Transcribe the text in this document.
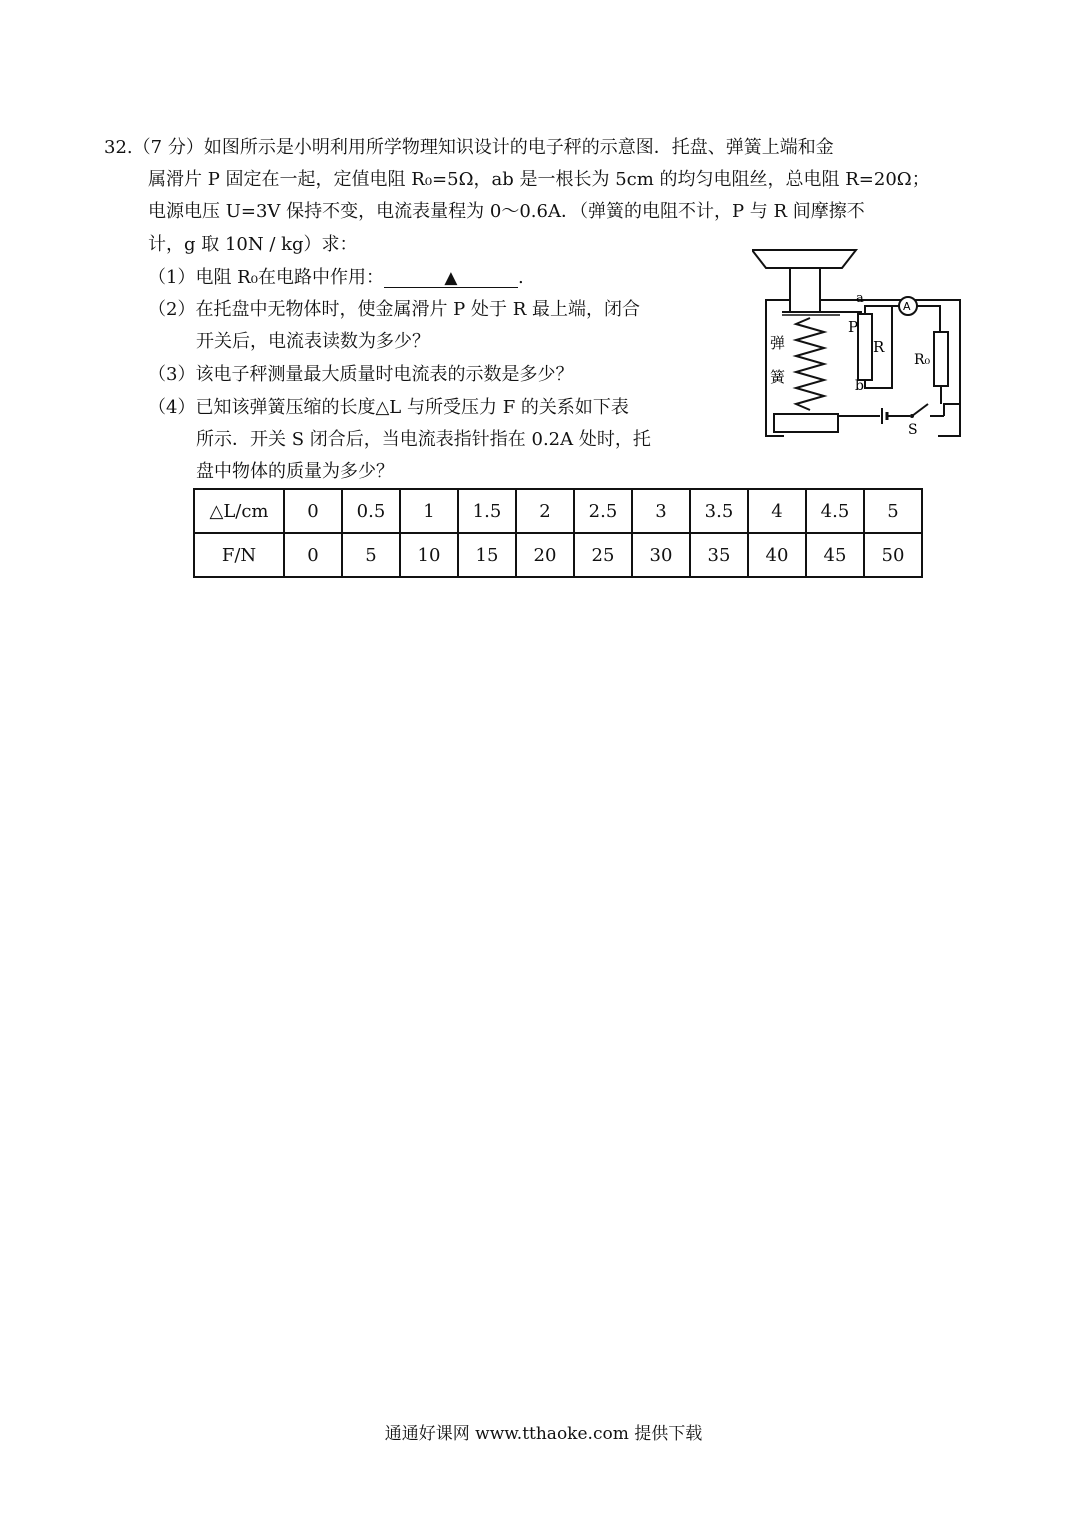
32.（7 分）如图所示是小明利用所学物理知识设计的电子秤的示意图．托盘、弹簧上端和金
属滑片 P 固定在一起，定值电阻 R₀=5Ω，ab 是一根长为 5cm 的均匀电阻丝，总电阻 R=20Ω；
电源电压 U=3V 保持不变，电流表量程为 0～0.6A．（弹簧的电阻不计，P 与 R 间摩擦不
计，g 取 10N / kg）求：
（1）电阻 R₀在电路中作用：	▲	.
（2）在托盘中无物体时，使金属滑片 P 处于 R 最上端，闭合
开关后，电流表读数为多少？
（3）该电子秤测量最大质量时电流表的示数是多少？
（4）已知该弹簧压缩的长度△L 与所受压力 F 的关系如下表
所示．开关 S 闭合后，当电流表指针指在 0.2A 处时，托
盘中物体的质量为多少？
弹
簧
a
P
R
b
A
R₀
S
△L/cm	0	0.5	1	1.5	2	2.5	3	3.5	4	4.5	5
F/N	0	5	10	15	20	25	30	35	40	45	50
通通好课网 www.tthaoke.com 提供下载
